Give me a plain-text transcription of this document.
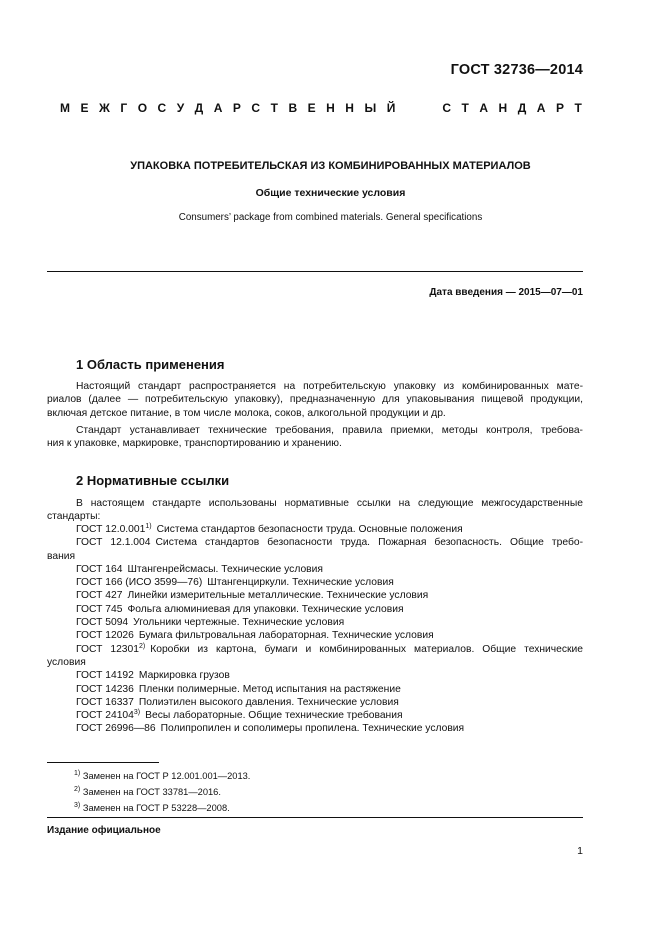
ГОСТ 32736—2014
М Е Ж Г О С У Д А Р С Т В Е Н Н Ы Й	С Т А Н Д А Р Т
УПАКОВКА ПОТРЕБИТЕЛЬСКАЯ ИЗ КОМБИНИРОВАННЫХ МАТЕРИАЛОВ
Общие технические условия
Consumers’ package from combined materials. General specifications
Дата введения — 2015—07—01
1 Область применения
Настоящий стандарт распространяется на потребительскую упаковку из комбинированных мате-
риалов (далее — потребительскую упаковку), предназначенную для упаковывания пищевой продукции,
включая детское питание, в том числе молока, соков, алкогольной продукции и др.
Стандарт устанавливает технические требования, правила приемки, методы контроля, требова-
ния к упаковке, маркировке, транспортированию и хранению.
2 Нормативные ссылки
В настоящем стандарте использованы нормативные ссылки на следующие межгосударственные
стандарты:
ГОСТ 12.0.001$^{1)}$ Система стандартов безопасности труда. Основные положения
ГОСТ 12.1.004 Система стандартов безопасности труда. Пожарная безопасность. Общие требо-
вания
ГОСТ 164 Штангенрейсмасы. Технические условия
ГОСТ 166 (ИСО 3599—76) Штангенциркули. Технические условия
ГОСТ 427 Линейки измерительные металлические. Технические условия
ГОСТ 745 Фольга алюминиевая для упаковки. Технические условия
ГОСТ 5094 Угольники чертежные. Технические условия
ГОСТ 12026 Бумага фильтровальная лабораторная. Технические условия
ГОСТ 12301$^{2)}$ Коробки из картона, бумаги и комбинированных материалов. Общие технические
условия
ГОСТ 14192 Маркировка грузов
ГОСТ 14236 Пленки полимерные. Метод испытания на растяжение
ГОСТ 16337 Полиэтилен высокого давления. Технические условия
ГОСТ 24104$^{3)}$ Весы лабораторные. Общие технические требования
ГОСТ 26996—86 Полипропилен и сополимеры пропилена. Технические условия
$^{1)}$ Заменен на ГОСТ Р 12.001.001—2013.
$^{2)}$ Заменен на ГОСТ 33781—2016.
$^{3)}$ Заменен на ГОСТ Р 53228—2008.
Издание официальное
1
